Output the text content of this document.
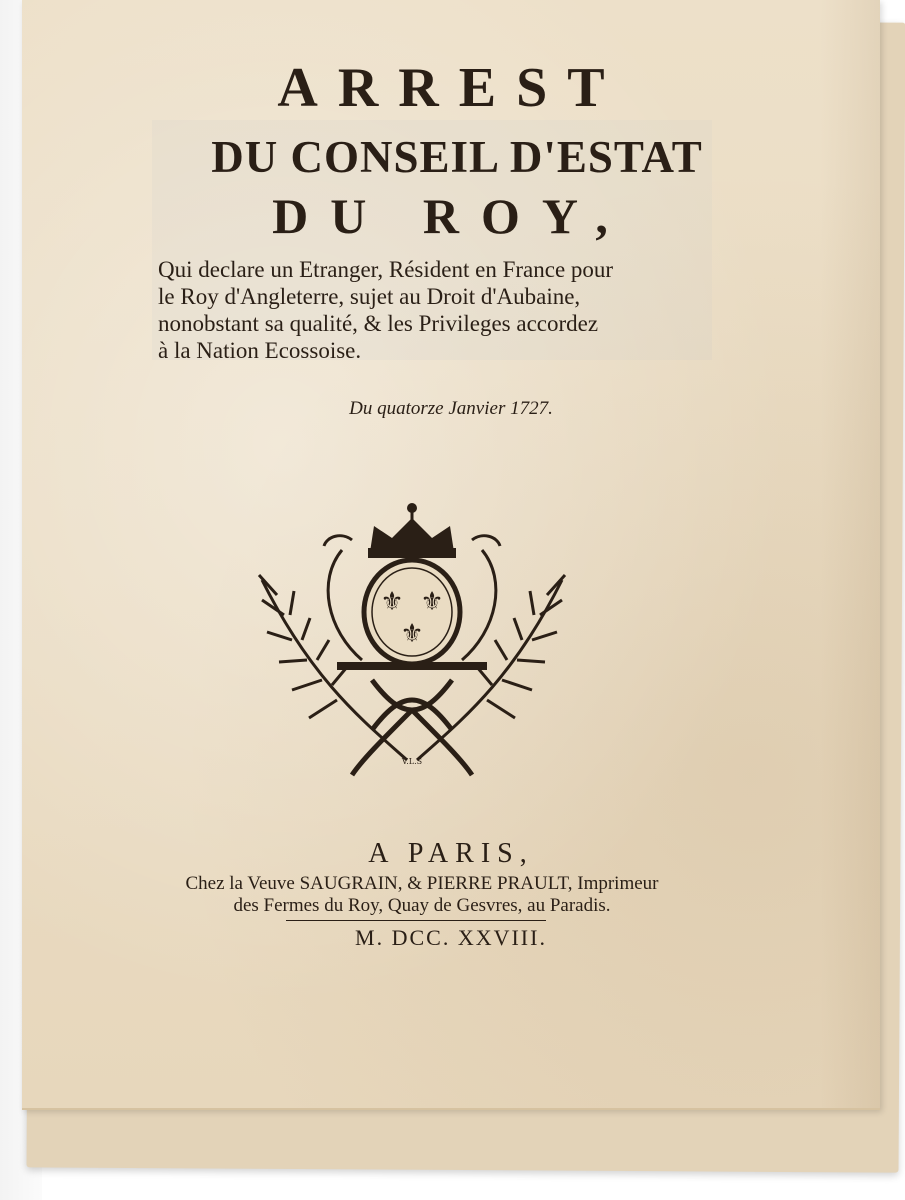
ARREST
DU CONSEIL D'ESTAT
DU ROY,
Qui declare un Etranger, Résident en France pour
le Roy d'Angleterre, sujet au Droit d'Aubaine,
nonobstant sa qualité, & les Privileges accordez
à la Nation Ecossoise.
Du quatorze Janvier 1727.
⚜ ⚜
⚜
V.L.S
A PARIS,
Chez la Veuve SAUGRAIN, & PIERRE PRAULT, Imprimeur
des Fermes du Roy, Quay de Gesvres, au Paradis.
M. DCC. XXVIII.
